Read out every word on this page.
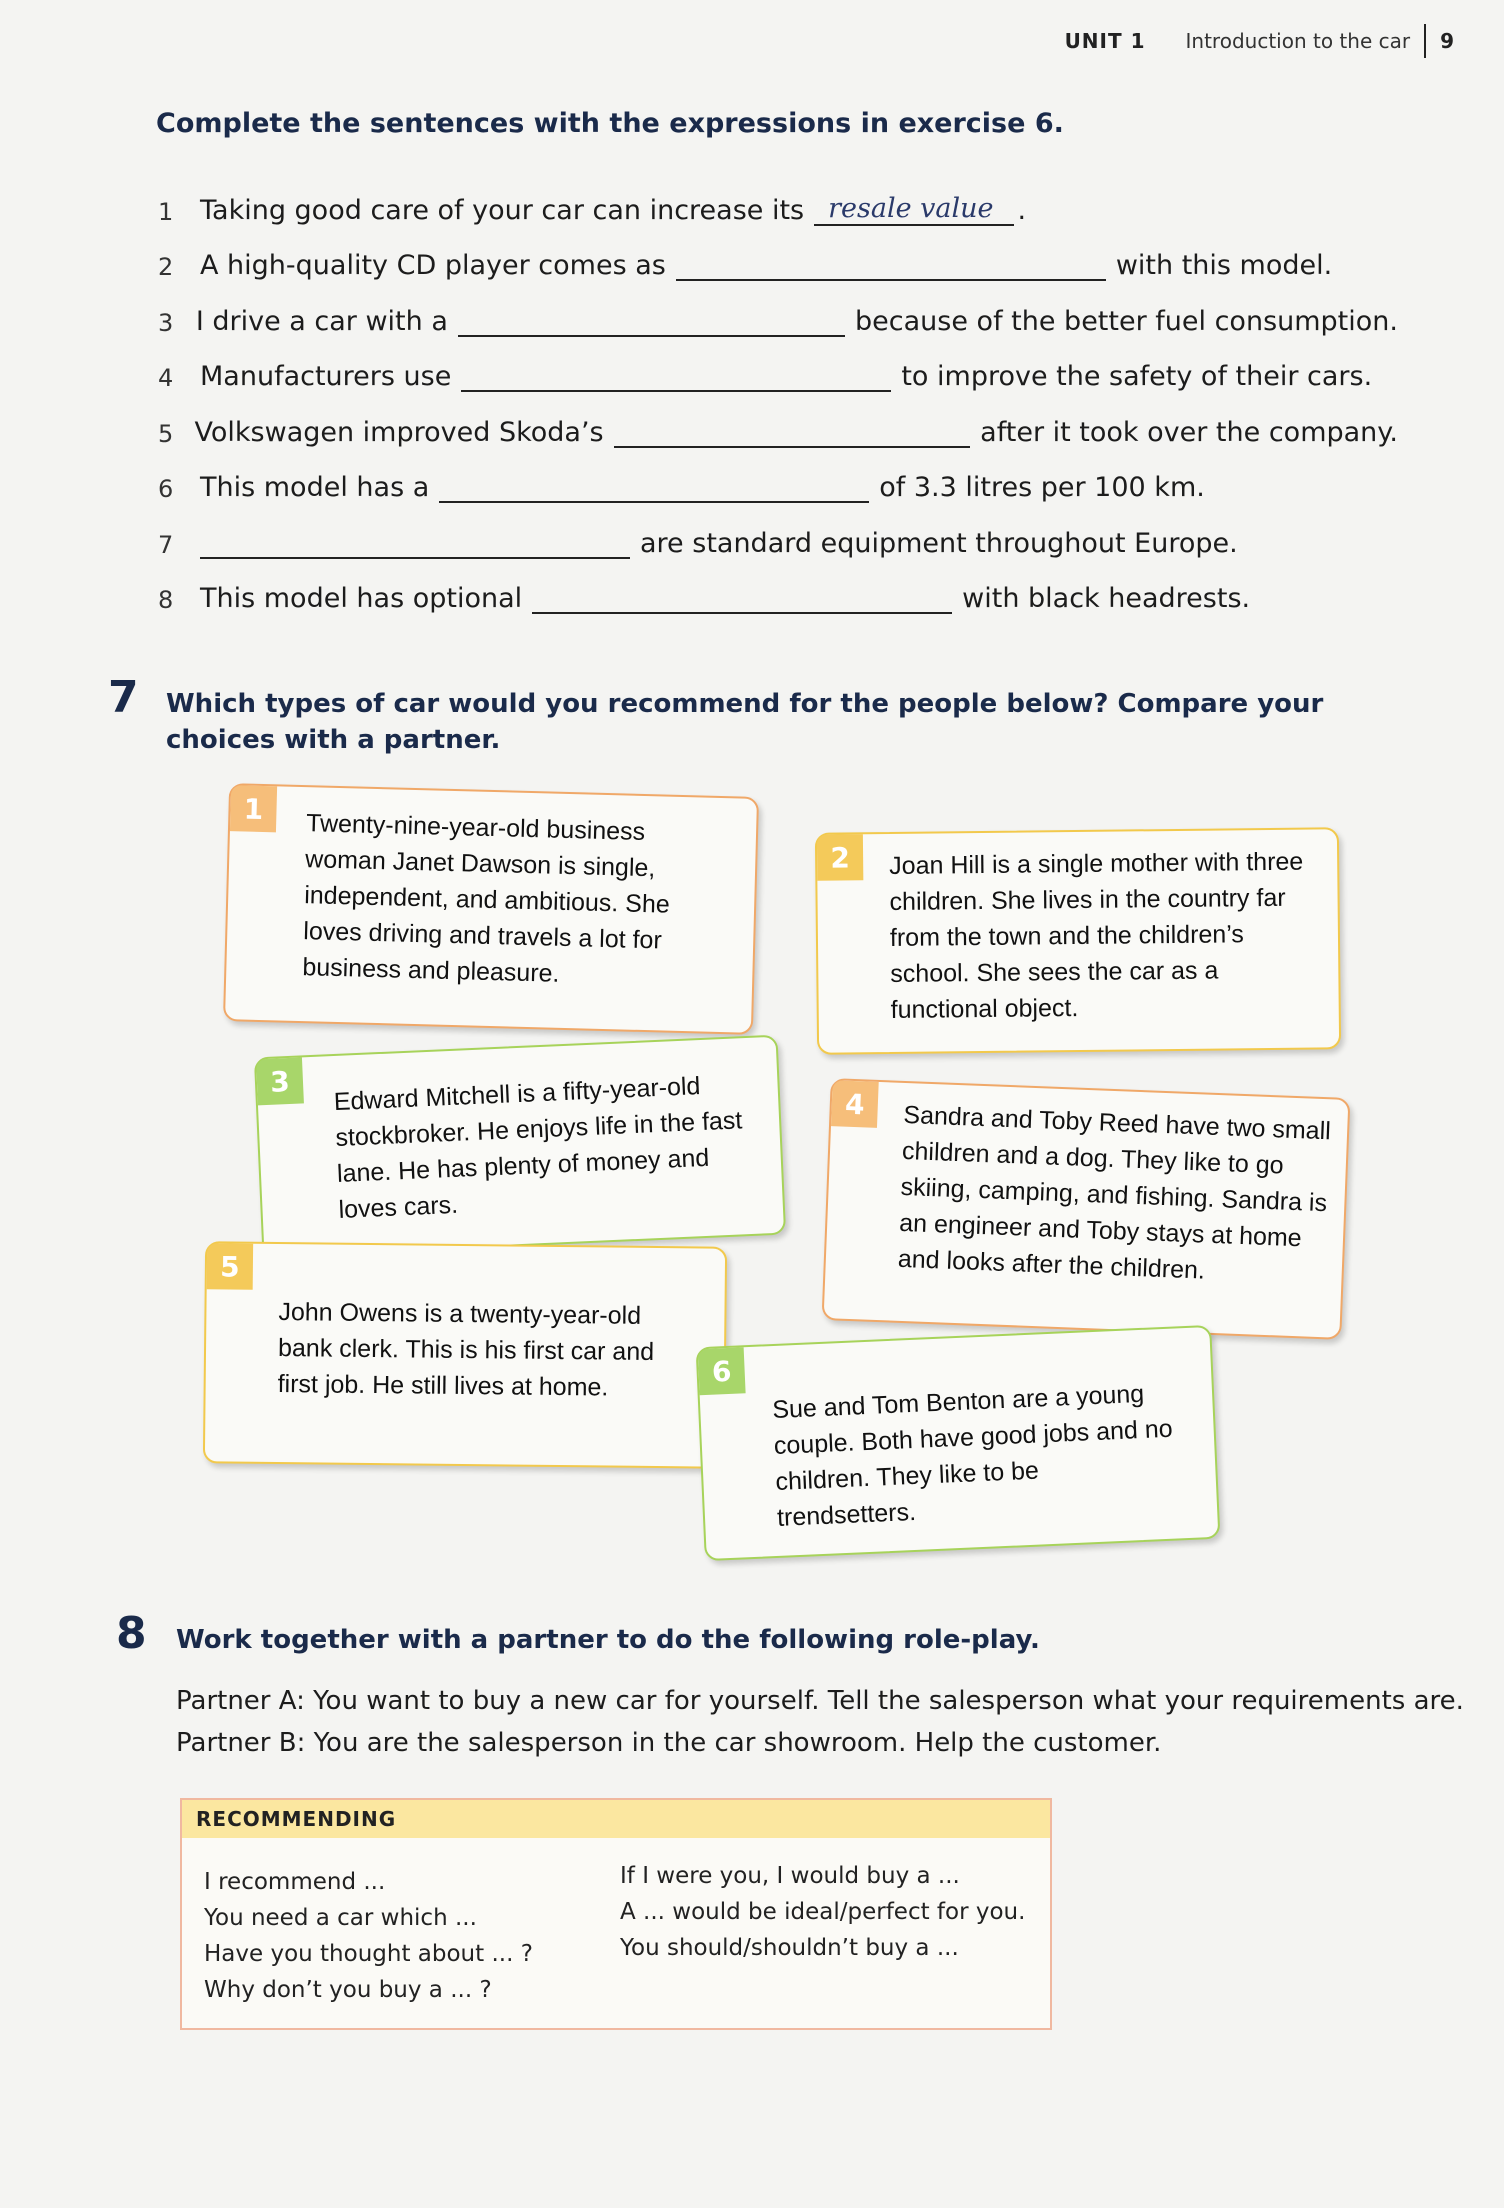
UNIT 1 Introduction to the car 9
Complete the sentences with the expressions in exercise 6.
1 Taking good care of your car can increase its resale value .
2 A high-quality CD player comes as	with this model.
3 I drive a car with a	because of the better fuel consumption.
4 Manufacturers use	to improve the safety of their cars.
5 Volkswagen improved Skoda’s	after it took over the company.
6 This model has a	of 3.3 litres per 100 km.
7	are standard equipment throughout Europe.
8 This model has optional	with black headrests.
7 Which types of car would you recommend for the people below? Compare your choices with a partner.
1
Twenty-nine-year-old business woman Janet Dawson is single, independent, and ambitious. She loves driving and travels a lot for business and pleasure.
2	Joan Hill is a single mother with three children. She lives in the country far from the town and the children’s school. She sees the car as a functional object.
3	Edward Mitchell is a fifty-year-old stockbroker. He enjoys life in the fast lane. He has plenty of money and loves cars.
4	Sandra and Toby Reed have two small children and a dog. They like to go skiing, camping, and fishing. Sandra is an engineer and Toby stays at home and looks after the children.
5
John Owens is a twenty-year-old bank clerk. This is his first car and first job. He still lives at home.	6
Sue and Tom Benton are a young couple. Both have good jobs and no children. They like to be trendsetters.
8 Work together with a partner to do the following role-play.
Partner A: You want to buy a new car for yourself. Tell the salesperson what your requirements are.
Partner B: You are the salesperson in the car showroom. Help the customer.
RECOMMENDING
I recommend ...
You need a car which ...
Have you thought about ... ?
Why don’t you buy a ... ?
If I were you, I would buy a ...
A ... would be ideal/perfect for you.
You should/shouldn’t buy a ...
